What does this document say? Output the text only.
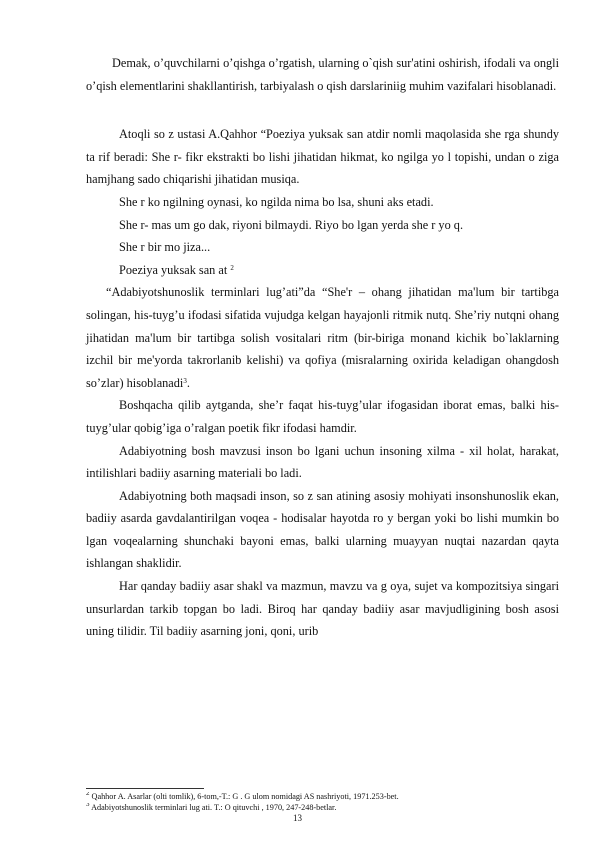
Demak, o’quvchilarni o’qishga o’rgatish, ularning o`qish sur'atini oshirish, ifodali va ongli o’qish elementlarini shakllantirish, tarbiyalash o qish darslariniig muhim vazifalari hisoblanadi.

Atoqli so z ustasi A.Qahhor “Poeziya yuksak san atdir nomli maqolasida she rga shundy ta rif beradi: She r- fikr ekstrakti bo lishi jihatidan hikmat, ko ngilga yo l topishi, undan o ziga hamjhang sado chiqarishi jihatidan musiqa.

She r ko ngilning oynasi, ko ngilda nima bo lsa, shuni aks etadi.

She r- mas um go dak, riyoni bilmaydi. Riyo bo lgan yerda she r yo q.

She r bir mo jiza...

Poeziya yuksak san at $^2$

“Adabiyotshunoslik terminlari lug’ati”da “She'r – ohang jihatidan ma'lum bir tartibga solingan, his-tuyg’u ifodasi sifatida vujudga kelgan hayajonli ritmik nutq. She’riy nutqni ohang jihatidan ma'lum bir tartibga solish vositalari ritm (bir-biriga monand kichik bo`laklarning izchil bir me'yorda takrorlanib kelishi) va qofiya (misralarning oxirida keladigan ohangdosh so’zlar) hisoblanadi$^3$.

Boshqacha qilib aytganda, she’r faqat his-tuyg’ular ifogasidan iborat emas, balki his-tuyg’ular qobig’iga o’ralgan poetik fikr ifodasi hamdir.

Adabiyotning bosh mavzusi inson bo lgani uchun insoning xilma - xil holat, harakat, intilishlari badiiy asarning materiali bo ladi.

Adabiyotning both maqsadi inson, so z san atining asosiy mohiyati insonshunoslik ekan, badiiy asarda gavdalantirilgan voqea - hodisalar hayotda ro y bergan yoki bo lishi mumkin bo lgan voqealarning shunchaki bayoni emas, balki ularning muayyan nuqtai nazardan qayta ishlangan shaklidir.

Har qanday badiiy asar shakl va mazmun, mavzu va g oya, sujet va kompozitsiya singari unsurlardan tarkib topgan bo ladi. Biroq har qanday badiiy asar mavjudligining bosh asosi uning tilidir. Til badiiy asarning joni, qoni, urib

$^2$ Qahhor A. Asarlar (olti tomlik), 6-tom,-T.: G . G ulom nomidagi AS nashriyoti, 1971.253-bet.
$^3$ Adabiyotshunoslik terminlari lug ati. T.: O qituvchi , 1970, 247-248-betlar.
13
